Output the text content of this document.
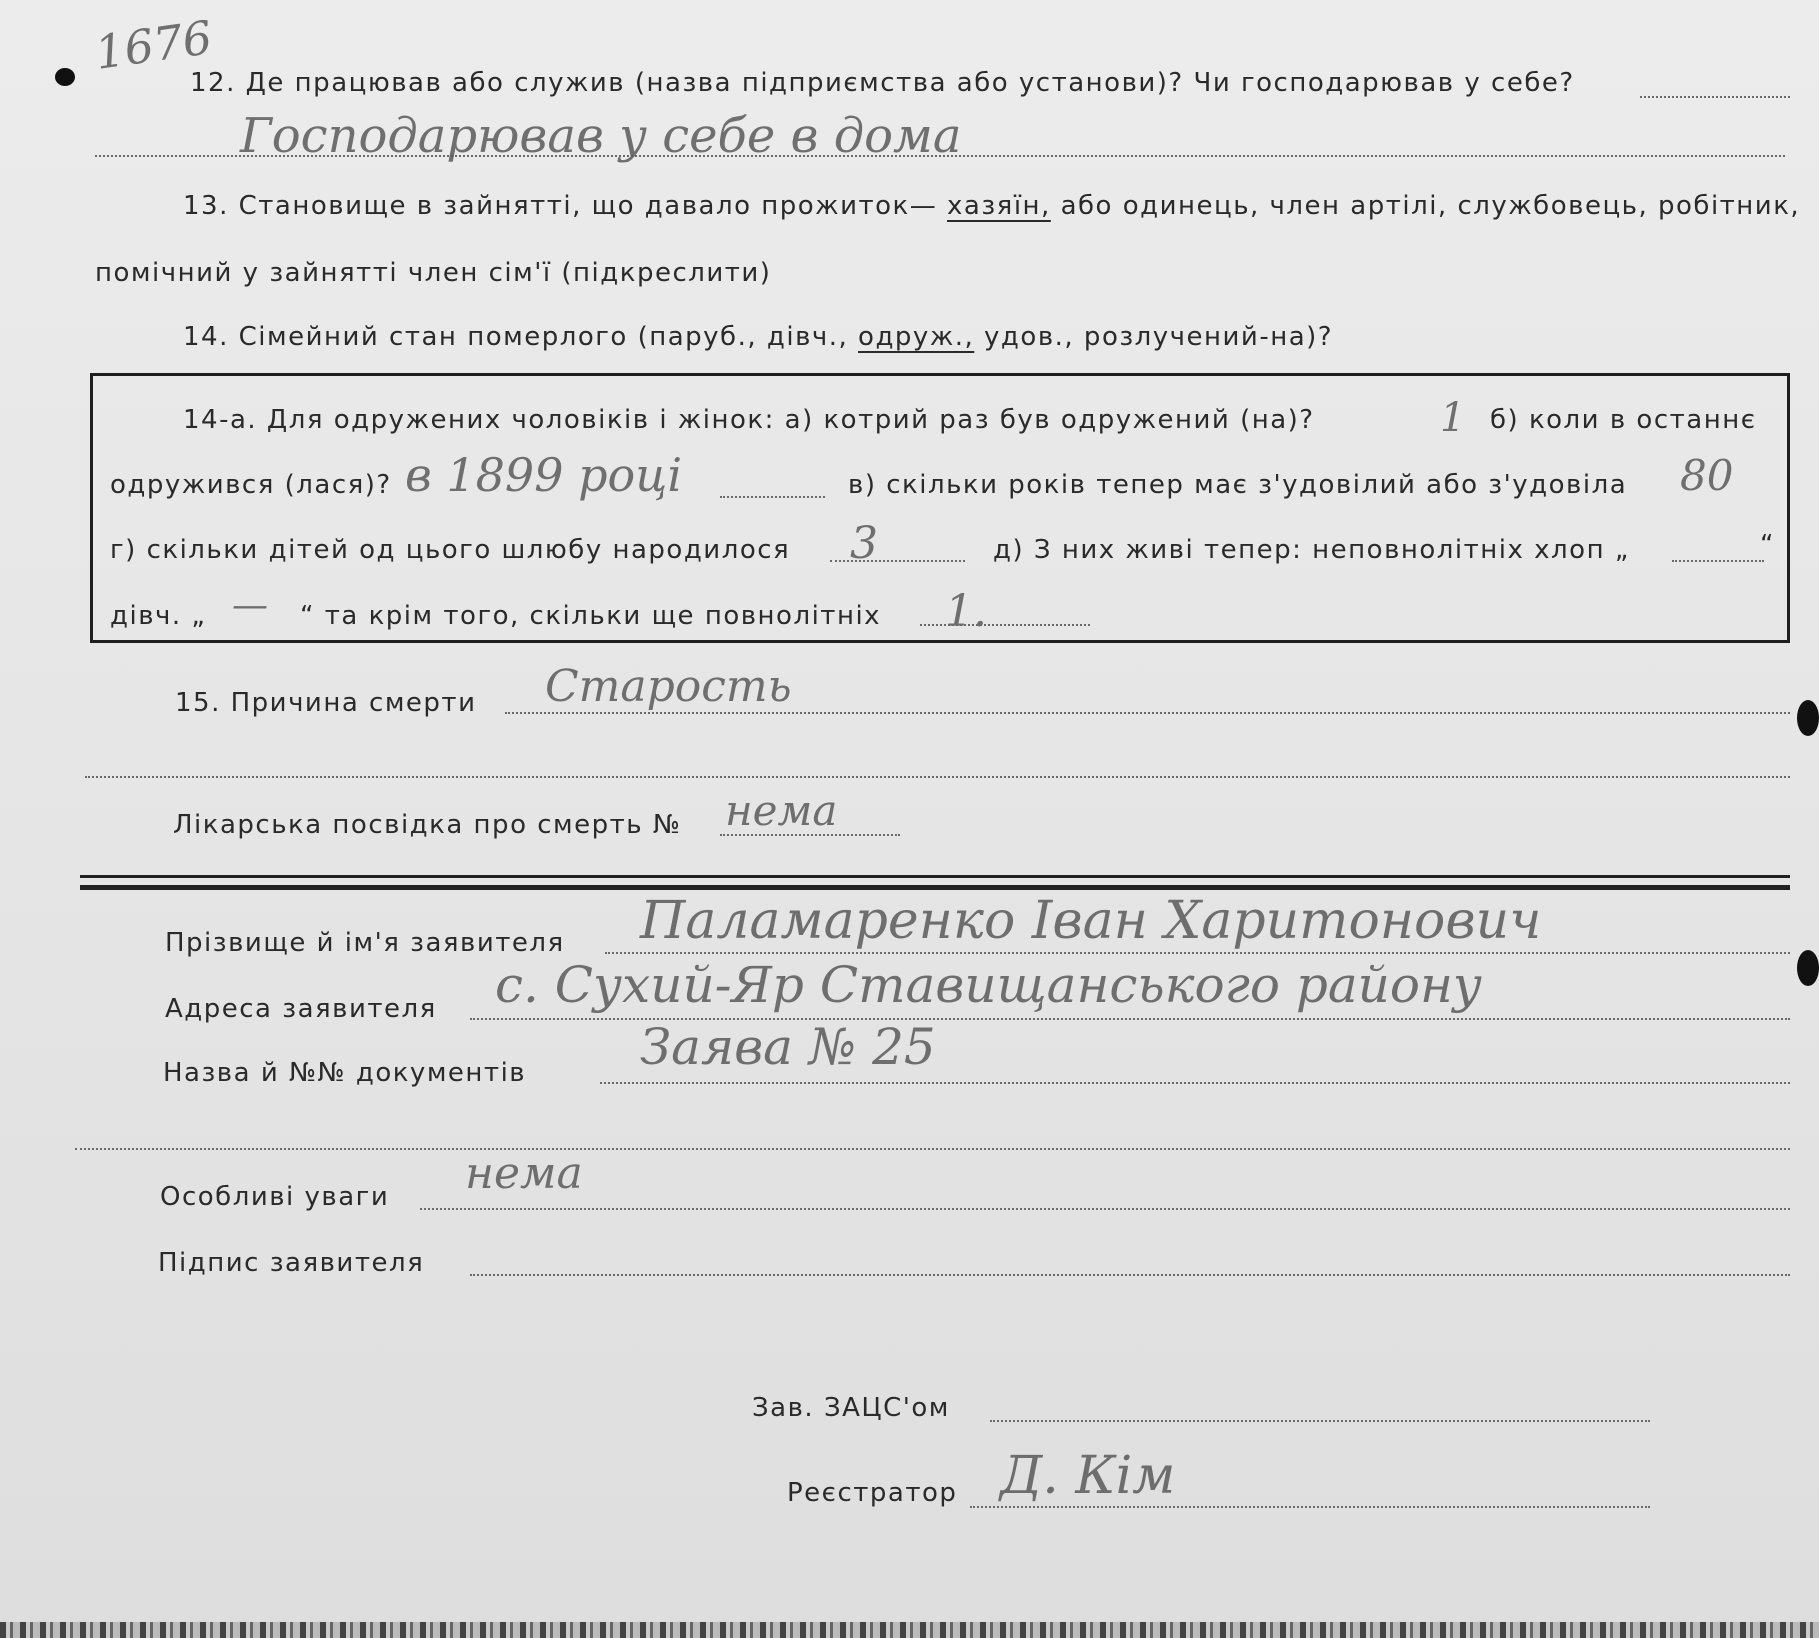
1676
12. Де працював або служив (назва підприємства або установи)? Чи господарював у себе?
Господарював у себе в дома
13. Становище в зайнятті, що давало прожиток— хазяїн, або одинець, член артілі, службовець, робітник,
помічний у зайнятті член сім'ї (підкреслити)
14. Сімейний стан померлого (паруб., дівч., одруж., удов., розлучений-на)?
14-а. Для одружених чоловіків і жінок: а) котрий раз був одружений (на)?	1 б) коли в останнє
одружився (лася)? в 1899 році	в) скільки років тепер має з'удовілий або з'удовіла 80
г) скільки дітей од цього шлюбу народилося 3	д) З них живі тепер: неповнолітніх хлоп „	“
дівч. „ — “ та крім того, скільки ще повнолітніх 1.
15. Причина смерти Старость
Лікарська посвідка про смерть № немa
Прізвище й ім'я заявителя Паламаренко Іван Харитонович
Адреса заявителя с. Сухий-Яр Ставищанського району
Назва й №№ документів Заява № 25
Особливі уваги немa
Підпис заявителя
Зав. ЗАЦС'ом
Реєстратор Д. Кім
